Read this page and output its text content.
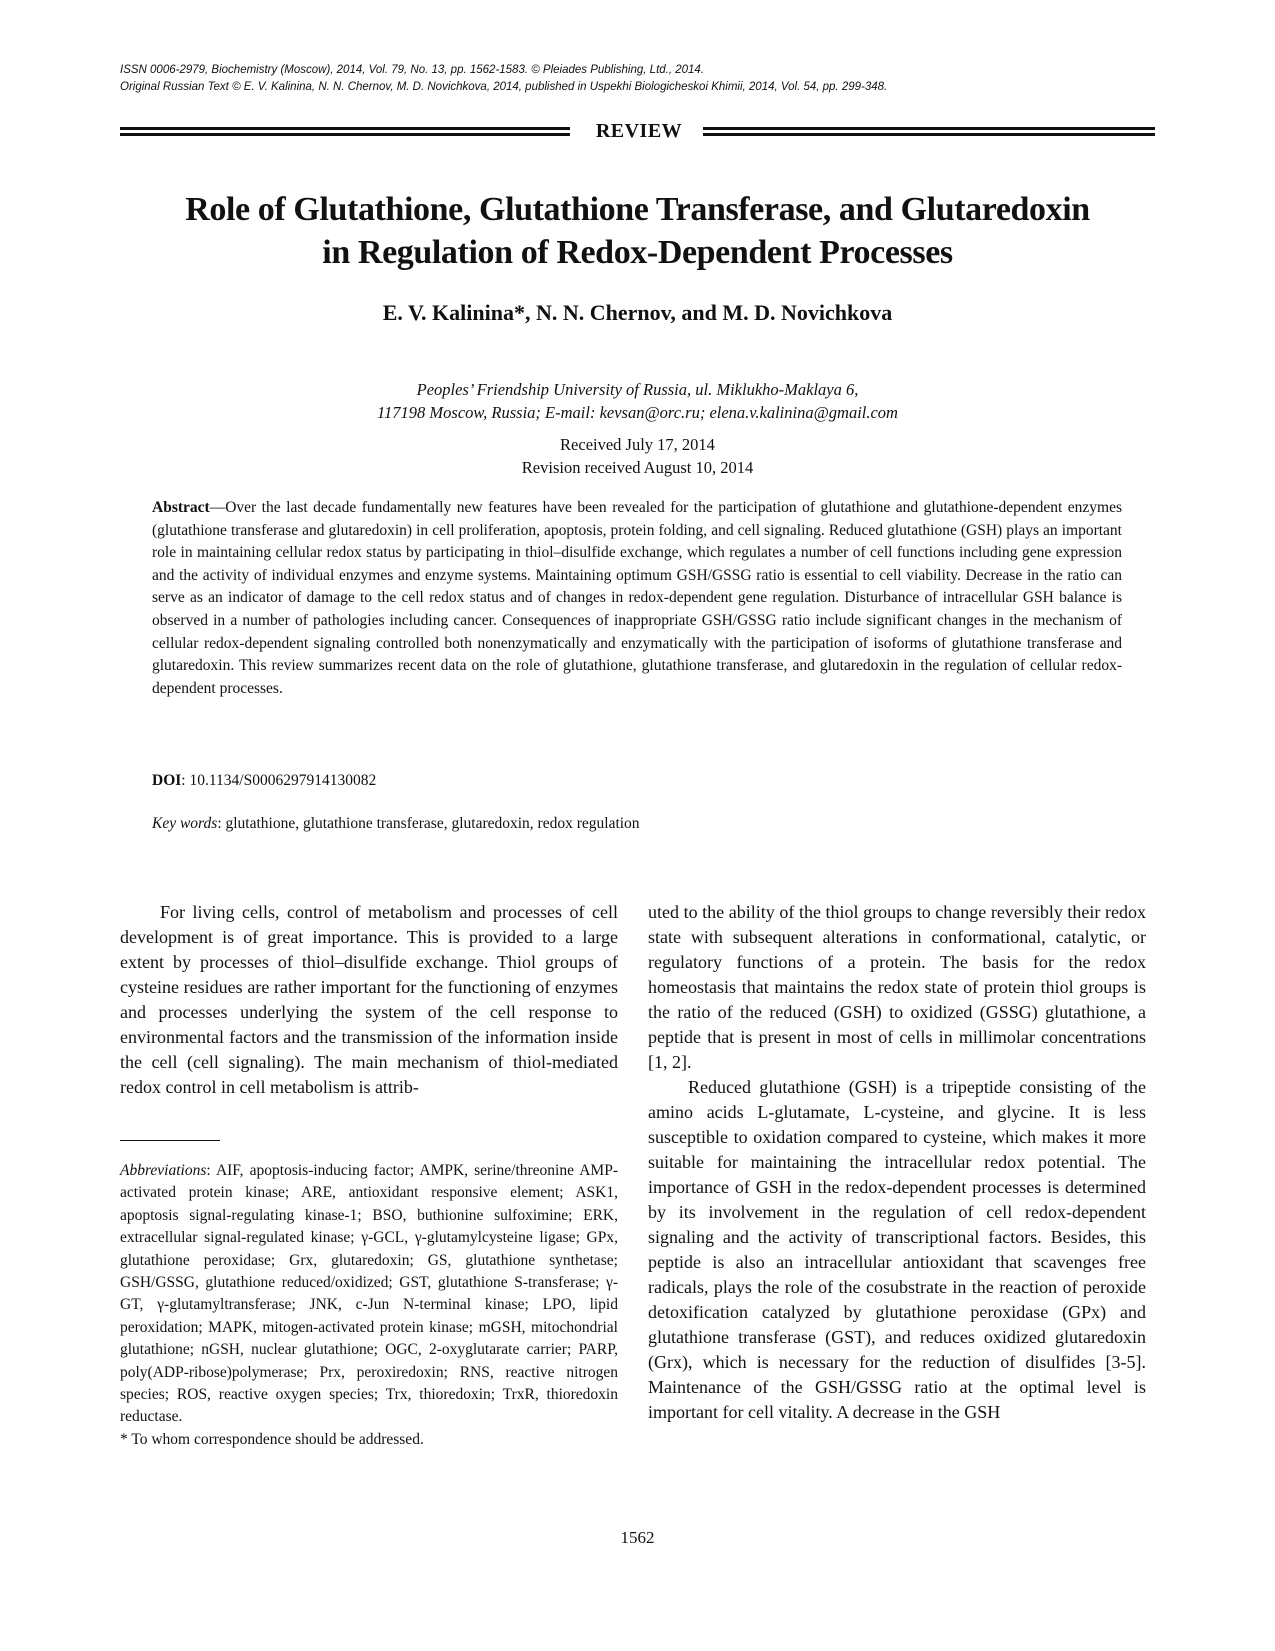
ISSN 0006-2979, Biochemistry (Moscow), 2014, Vol. 79, No. 13, pp. 1562-1583. © Pleiades Publishing, Ltd., 2014.
Original Russian Text © E. V. Kalinina, N. N. Chernov, M. D. Novichkova, 2014, published in Uspekhi Biologicheskoi Khimii, 2014, Vol. 54, pp. 299-348.
REVIEW
Role of Glutathione, Glutathione Transferase, and Glutaredoxin
in Regulation of Redox-Dependent Processes
E. V. Kalinina*, N. N. Chernov, and M. D. Novichkova
Peoples’ Friendship University of Russia, ul. Miklukho-Maklaya 6,
117198 Moscow, Russia; E-mail: kevsan@orc.ru; elena.v.kalinina@gmail.com
Received July 17, 2014
Revision received August 10, 2014
Abstract—Over the last decade fundamentally new features have been revealed for the participation of glutathione and glutathione-dependent enzymes (glutathione transferase and glutaredoxin) in cell proliferation, apoptosis, protein folding, and cell signaling. Reduced glutathione (GSH) plays an important role in maintaining cellular redox status by participating in thiol–disulfide exchange, which regulates a number of cell functions including gene expression and the activity of individual enzymes and enzyme systems. Maintaining optimum GSH/GSSG ratio is essential to cell viability. Decrease in the ratio can serve as an indicator of damage to the cell redox status and of changes in redox-dependent gene regulation. Disturbance of intracellular GSH balance is observed in a number of pathologies including cancer. Consequences of inappropriate GSH/GSSG ratio include significant changes in the mechanism of cellular redox-dependent signaling controlled both nonenzymatically and enzymatically with the participation of isoforms of glutathione transferase and glutaredoxin. This review summarizes recent data on the role of glutathione, glutathione transferase, and glutaredoxin in the regulation of cellular redox-dependent processes.
DOI: 10.1134/S0006297914130082
Key words: glutathione, glutathione transferase, glutaredoxin, redox regulation

For living cells, control of metabolism and processes of cell development is of great importance. This is provided to a large extent by processes of thiol–disulfide exchange. Thiol groups of cysteine residues are rather important for the functioning of enzymes and processes underlying the system of the cell response to environmental factors and the transmission of the information inside the cell (cell signaling). The main mechanism of thiol-mediated redox control in cell metabolism is attrib-

Abbreviations: AIF, apoptosis-inducing factor; AMPK, serine/threonine AMP-activated protein kinase; ARE, antioxidant responsive element; ASK1, apoptosis signal-regulating kinase-1; BSO, buthionine sulfoximine; ERK, extracellular signal-regulated kinase; γ-GCL, γ-glutamylcysteine ligase; GPx, glutathione peroxidase; Grx, glutaredoxin; GS, glutathione synthetase; GSH/GSSG, glutathione reduced/oxidized; GST, glutathione S-transferase; γ-GT, γ-glutamyltransferase; JNK, c-Jun N-terminal kinase; LPO, lipid peroxidation; MAPK, mitogen-activated protein kinase; mGSH, mitochondrial glutathione; nGSH, nuclear glutathione; OGC, 2-oxyglutarate carrier; PARP, poly(ADP-ribose)polymerase; Prx, peroxiredoxin; RNS, reactive nitrogen species; ROS, reactive oxygen species; Trx, thioredoxin; TrxR, thioredoxin reductase.

* To whom correspondence should be addressed.

uted to the ability of the thiol groups to change reversibly their redox state with subsequent alterations in conformational, catalytic, or regulatory functions of a protein. The basis for the redox homeostasis that maintains the redox state of protein thiol groups is the ratio of the reduced (GSH) to oxidized (GSSG) glutathione, a peptide that is present in most of cells in millimolar concentrations [1, 2].

Reduced glutathione (GSH) is a tripeptide consisting of the amino acids L-glutamate, L-cysteine, and glycine. It is less susceptible to oxidation compared to cysteine, which makes it more suitable for maintaining the intracellular redox potential. The importance of GSH in the redox-dependent processes is determined by its involvement in the regulation of cell redox-dependent signaling and the activity of transcriptional factors. Besides, this peptide is also an intracellular antioxidant that scavenges free radicals, plays the role of the cosubstrate in the reaction of peroxide detoxification catalyzed by glutathione peroxidase (GPx) and glutathione transferase (GST), and reduces oxidized glutaredoxin (Grx), which is necessary for the reduction of disulfides [3-5]. Maintenance of the GSH/GSSG ratio at the optimal level is important for cell vitality. A decrease in the GSH

1562
